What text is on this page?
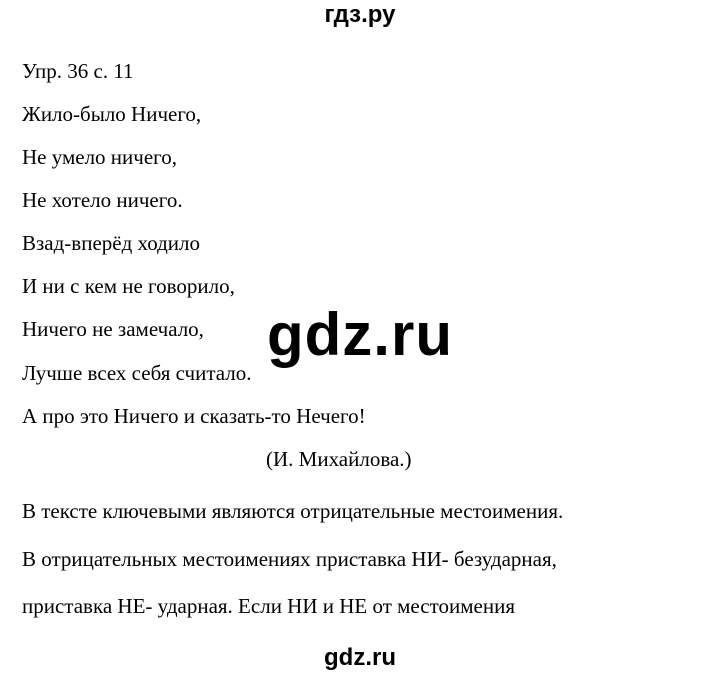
гдз.ру
Упр. 36 с. 11
Жило-было Ничего,
Не умело ничего,
Не хотело ничего.
Взад-вперёд ходило
И ни с кем не говорило,
Ничего не замечало,
Лучше всех себя считало.
А про это Ничего и сказать-то Нечего!
(И. Михайлова.)
В тексте ключевыми являются отрицательные местоимения.
В отрицательных местоимениях приставка НИ- безударная,
приставка НЕ- ударная. Если НИ и НЕ от местоимения
gdz.ru
gdz.ru
